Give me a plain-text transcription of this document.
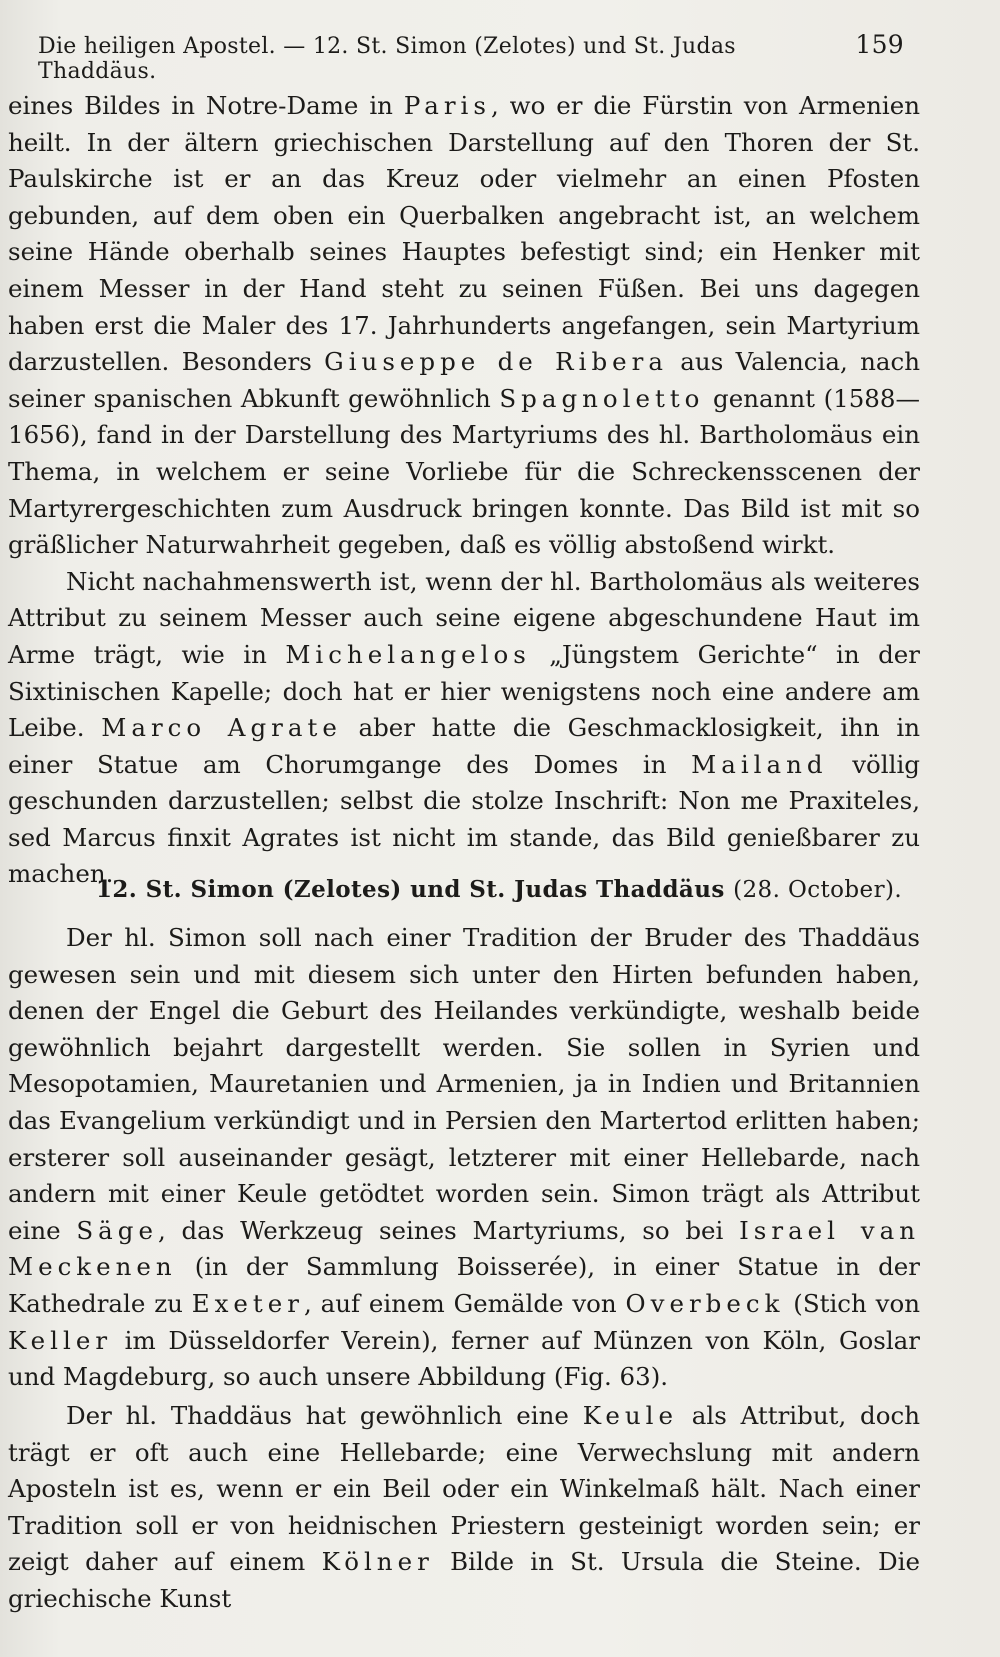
Die heiligen Apostel. — 12. St. Simon (Zelotes) und St. Judas Thaddäus.
159

eines Bildes in Notre-Dame in Paris, wo er die Fürstin von Armenien heilt. In der ältern griechischen Darstellung auf den Thoren der St. Paulskirche ist er an das Kreuz oder vielmehr an einen Pfosten gebunden, auf dem oben ein Querbalken angebracht ist, an welchem seine Hände oberhalb seines Hauptes befestigt sind; ein Henker mit einem Messer in der Hand steht zu seinen Füßen. Bei uns dagegen haben erst die Maler des 17. Jahrhunderts angefangen, sein Martyrium darzustellen. Besonders Giuseppe de Ribera aus Valencia, nach seiner spanischen Abkunft gewöhnlich Spagnoletto genannt (1588—1656), fand in der Darstellung des Martyriums des hl. Bartholomäus ein Thema, in welchem er seine Vorliebe für die Schreckensscenen der Martyrergeschichten zum Ausdruck bringen konnte. Das Bild ist mit so gräßlicher Naturwahrheit gegeben, daß es völlig abstoßend wirkt.

Nicht nachahmenswerth ist, wenn der hl. Bartholomäus als weiteres Attribut zu seinem Messer auch seine eigene abgeschundene Haut im Arme trägt, wie in Michelangelos „Jüngstem Gerichte“ in der Sixtinischen Kapelle; doch hat er hier wenigstens noch eine andere am Leibe. Marco Agrate aber hatte die Geschmacklosigkeit, ihn in einer Statue am Chorumgange des Domes in Mailand völlig geschunden darzustellen; selbst die stolze Inschrift: Non me Praxiteles, sed Marcus finxit Agrates ist nicht im stande, das Bild genießbarer zu machen.

12. St. Simon (Zelotes) und St. Judas Thaddäus (28. October).

Der hl. Simon soll nach einer Tradition der Bruder des Thaddäus gewesen sein und mit diesem sich unter den Hirten befunden haben, denen der Engel die Geburt des Heilandes verkündigte, weshalb beide gewöhnlich bejahrt dargestellt werden. Sie sollen in Syrien und Mesopotamien, Mauretanien und Armenien, ja in Indien und Britannien das Evangelium verkündigt und in Persien den Martertod erlitten haben; ersterer soll auseinander gesägt, letzterer mit einer Hellebarde, nach andern mit einer Keule getödtet worden sein. Simon trägt als Attribut eine Säge, das Werkzeug seines Martyriums, so bei Israel van Meckenen (in der Sammlung Boisserée), in einer Statue in der Kathedrale zu Exeter, auf einem Gemälde von Overbeck (Stich von Keller im Düsseldorfer Verein), ferner auf Münzen von Köln, Goslar und Magdeburg, so auch unsere Abbildung (Fig. 63).

Der hl. Thaddäus hat gewöhnlich eine Keule als Attribut, doch trägt er oft auch eine Hellebarde; eine Verwechslung mit andern Aposteln ist es, wenn er ein Beil oder ein Winkelmaß hält. Nach einer Tradition soll er von heidnischen Priestern gesteinigt worden sein; er zeigt daher auf einem Kölner Bilde in St. Ursula die Steine. Die griechische Kunst
